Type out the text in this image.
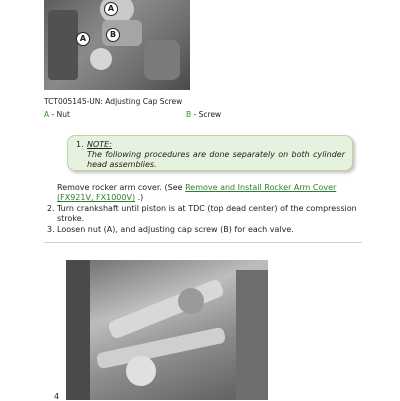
A
A	B
TCT005145-UN: Adjusting Cap Screw
A - Nut	B - Screw
1. NOTE:
The following procedures are done separately on both cylinder head assemblies.
Remove rocker arm cover. (See Remove and Install Rocker Arm Cover (FX921V, FX1000V) .)
2. Turn crankshaft until piston is at TDC (top dead center) of the compression stroke.
3. Loosen nut (A), and adjusting cap screw (B) for each valve.
4
